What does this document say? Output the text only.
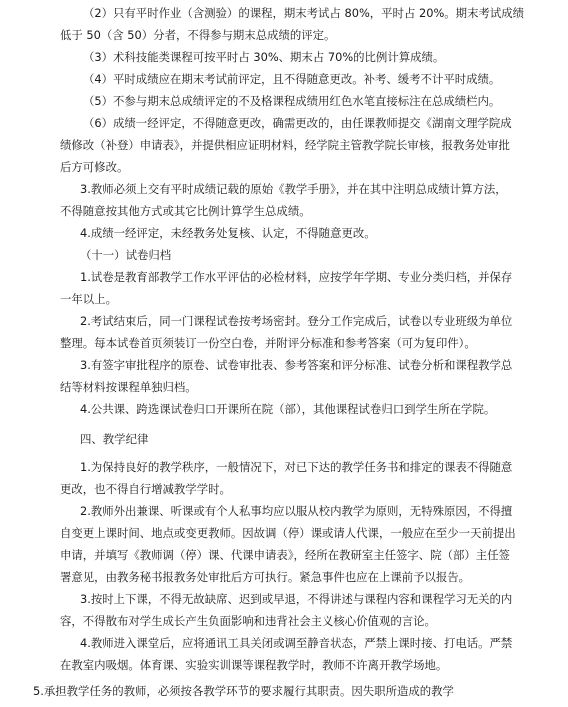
（2）只有平时作业（含测验）的课程，期末考试占 80%，平时占 20%。期末考试成绩
低于 50（含 50）分者，不得参与期末总成绩的评定。
（3）术科技能类课程可按平时占 30%、期末占 70%的比例计算成绩。
（4）平时成绩应在期末考试前评定，且不得随意更改。补考、缓考不计平时成绩。
（5）不参与期末总成绩评定的不及格课程成绩用红色水笔直接标注在总成绩栏内。
（6）成绩一经评定，不得随意更改，确需更改的，由任课教师提交《湖南文理学院成
绩修改（补登）申请表》，并提供相应证明材料，经学院主管教学院长审核，报教务处审批
后方可修改。
3.教师必须上交有平时成绩记载的原始《教学手册》，并在其中注明总成绩计算方法，
不得随意按其他方式或其它比例计算学生总成绩。
4.成绩一经评定，未经教务处复核、认定，不得随意更改。
（十一）试卷归档
1.试卷是教育部教学工作水平评估的必检材料，应按学年学期、专业分类归档，并保存
一年以上。
2.考试结束后，同一门课程试卷按考场密封。登分工作完成后，试卷以专业班级为单位
整理。每本试卷首页须装订一份空白卷，并附评分标准和参考答案（可为复印件）。
3.有签字审批程序的原卷、试卷审批表、参考答案和评分标准、试卷分析和课程教学总
结等材料按课程单独归档。
4.公共课、跨选课试卷归口开课所在院（部），其他课程试卷归口到学生所在学院。
四、教学纪律
1.为保持良好的教学秩序，一般情况下，对已下达的教学任务书和排定的课表不得随意
更改，也不得自行增减教学学时。
2.教师外出兼课、听课或有个人私事均应以服从校内教学为原则，无特殊原因，不得擅
自变更上课时间、地点或变更教师。因故调（停）课或请人代课，一般应在至少一天前提出
申请，并填写《教师调（停）课、代课申请表》，经所在教研室主任签字、院（部）主任签
署意见，由教务秘书报教务处审批后方可执行。紧急事件也应在上课前予以报告。
3.按时上下课，不得无故缺席、迟到或早退，不得讲述与课程内容和课程学习无关的内
容，不得散布对学生成长产生负面影响和违背社会主义核心价值观的言论。
4.教师进入课堂后，应将通讯工具关闭或调至静音状态，严禁上课时接、打电话。严禁
在教室内吸烟。体育课、实验实训课等课程教学时，教师不许离开教学场地。
5.承担教学任务的教师，必须按各教学环节的要求履行其职责。因失职所造成的教学
